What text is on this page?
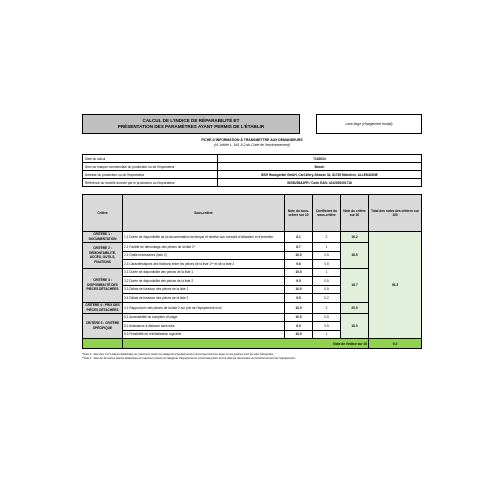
CALCUL DE L'INDICE DE RÉPARABILITÉ ET
PRÉSENTATION DES PARAMÈTRES AYANT PERMIS DE L'ÉTABLIR	Lave-linge (chargement frontal)
FICHE D'INFORMATION À TRANSMETTRE AUX DEMANDEURS
(cf. Article L. 541-9-2 du Code de l'environnement)
Date du calcul	7/4/2024
Nom ou marque commerciale du producteur ou de l'importateur	Bosch
Adresse du producteur ou de l'importateur	BSH Hausgeräte GmbH, Carl-Wery-Strasse 34, 81739 München, ALLEMAGNE
Référence du modèle donnée par le producteur ou l'importateur	WGB256A2FR / Code EAN: 4242005491718
Critère	Sous-critère	Note du sous-critère sur 10	Coefficient du sous-critère	Note du critère sur 20	Total des notes des critères sur 100
CRITÈRE 1 : DOCUMENTATION	1.1 Durée de disponibilité de la documentation technique et relative aux conseils d'utilisation et d'entretien	8.1	2	16.2	93.3
CRITÈRE 2 : DÉMONTABILITÉ, ACCÈS, OUTILS, FIXATIONS	2.1 Facilité de démontage des pièces de la liste 2*	8.7	1	18.5	
	2.2 Outils nécessaires (liste 2)	10.0	0.5		
	2.3 Caractéristiques des fixations entre les pièces de la liste 1** et de la liste 2	9.6	0.5		
CRITÈRE 3 : DISPONIBILITÉ DES PIÈCES DÉTACHÉES	3.1 Durée de disponibilité des pièces de la liste 1	10.0	1	18.7	
	3.2 Durée de disponibilité des pièces de la liste 2	9.5	0.5		
	3.3 Délais de livraison des pièces de la liste 1	10.0	0.5		
	3.4 Délais de livraison des pièces de la liste 2	9.5	0.2		
CRITÈRE 4 : PRIX DES PIÈCES DÉTACHÉES	4.1 Rapport prix des pièces de la liste 2 sur prix de l'équipement neuf	10.0	2	20.0	
CRITÈRE 5 : CRITÈRE SPÉCIFIQUE	5.1 Accessibilité du compteur d'usage	10.0	0.5	18.0	
	5.2 Assistance à distance sans frais	6.0	0.5		
	5.3 Possibilité de réinitialisation logicielle	10.0	1		
	Note de l'indice sur 10				9.2
*Note 2 : liste des 3 à 5 pièces détachées au maximum (selon la catégorie d'équipements concernée) dont la casse ou les pannes sont les plus fréquentes ;
**liste 1 : liste de 10 autres pièces détachées au maximum (selon la catégorie d'équipements concernée) dont le bon état est nécessaire au fonctionnement de l'équipement.
